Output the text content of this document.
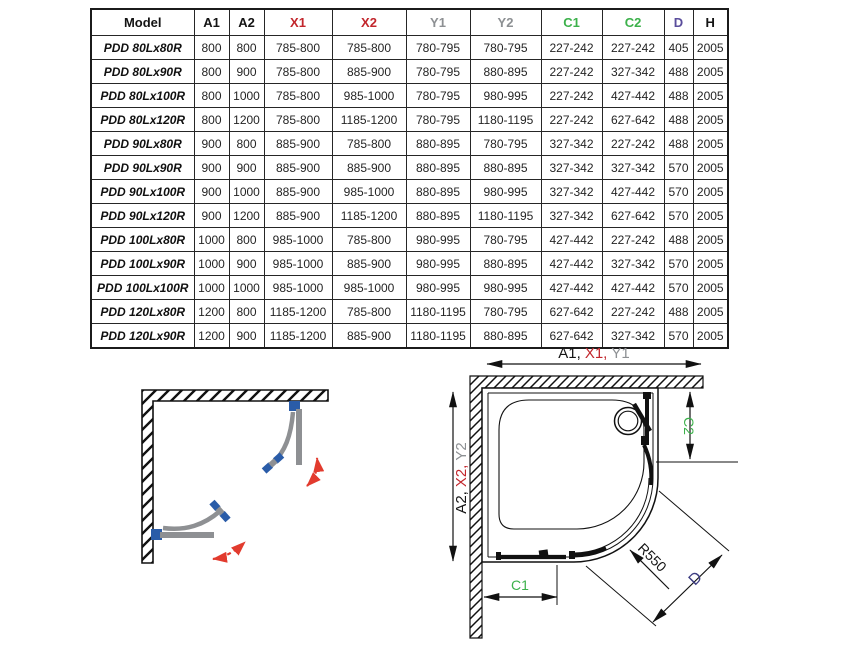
Model	A1	A2	X1	X2	Y1	Y2	C1	C2	D	H
PDD 80Lx80R	800	800	785-800	785-800	780-795	780-795	227-242	227-242	405	2005
PDD 80Lx90R	800	900	785-800	885-900	780-795	880-895	227-242	327-342	488	2005
PDD 80Lx100R	800	1000	785-800	985-1000	780-795	980-995	227-242	427-442	488	2005
PDD 80Lx120R	800	1200	785-800	1185-1200	780-795	1180-1195	227-242	627-642	488	2005
PDD 90Lx80R	900	800	885-900	785-800	880-895	780-795	327-342	227-242	488	2005
PDD 90Lx90R	900	900	885-900	885-900	880-895	880-895	327-342	327-342	570	2005
PDD 90Lx100R	900	1000	885-900	985-1000	880-895	980-995	327-342	427-442	570	2005
PDD 90Lx120R	900	1200	885-900	1185-1200	880-895	1180-1195	327-342	627-642	570	2005
PDD 100Lx80R	1000	800	985-1000	785-800	980-995	780-795	427-442	227-242	488	2005
PDD 100Lx90R	1000	900	985-1000	885-900	980-995	880-895	427-442	327-342	570	2005
PDD 100Lx100R	1000	1000	985-1000	985-1000	980-995	980-995	427-442	427-442	570	2005
PDD 120Lx80R	1200	800	1185-1200	785-800	1180-1195	780-795	627-642	227-242	488	2005
PDD 120Lx90R	1200	900	1185-1200	885-900	1180-1195	880-895	627-642	327-342	570	2005
A1, X1, Y1
A2,X2,Y2
C2
C1
R550
D
